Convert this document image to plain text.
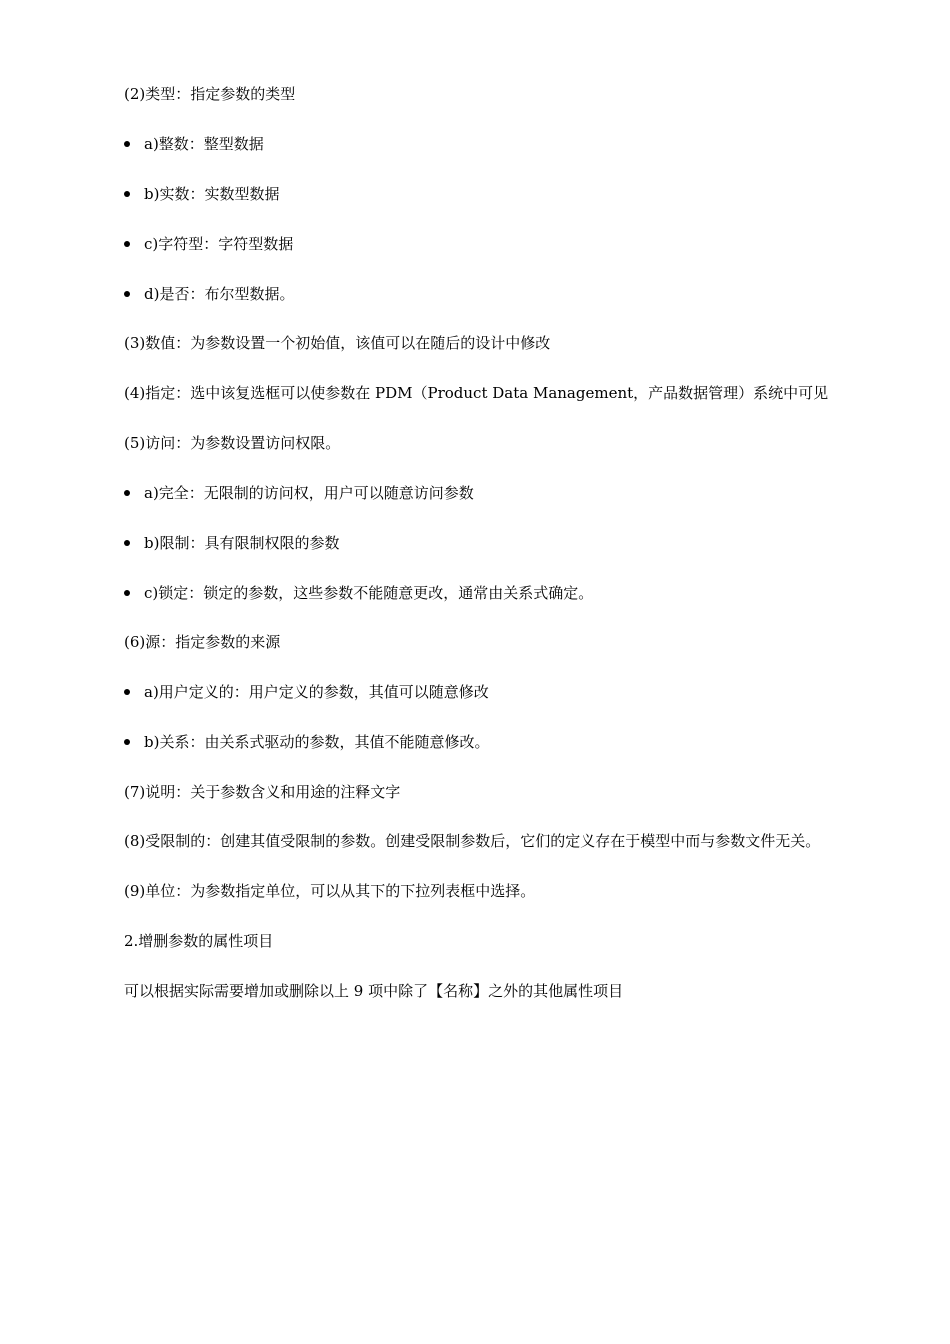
(2)类型：指定参数的类型
a)整数：整型数据
b)实数：实数型数据
c)字符型：字符型数据
d)是否：布尔型数据。
(3)数值：为参数设置一个初始值，该值可以在随后的设计中修改
(4)指定：选中该复选框可以使参数在 PDM（Product Data Management，产品数据管理）系统中可见
(5)访问：为参数设置访问权限。
a)完全：无限制的访问权，用户可以随意访问参数
b)限制：具有限制权限的参数
c)锁定：锁定的参数，这些参数不能随意更改，通常由关系式确定。
(6)源：指定参数的来源
a)用户定义的：用户定义的参数，其值可以随意修改
b)关系：由关系式驱动的参数，其值不能随意修改。
(7)说明：关于参数含义和用途的注释文字
(8)受限制的：创建其值受限制的参数。创建受限制参数后，它们的定义存在于模型中而与参数文件无关。
(9)单位：为参数指定单位，可以从其下的下拉列表框中选择。
2.增删参数的属性项目
可以根据实际需要增加或删除以上 9 项中除了【名称】之外的其他属性项目
